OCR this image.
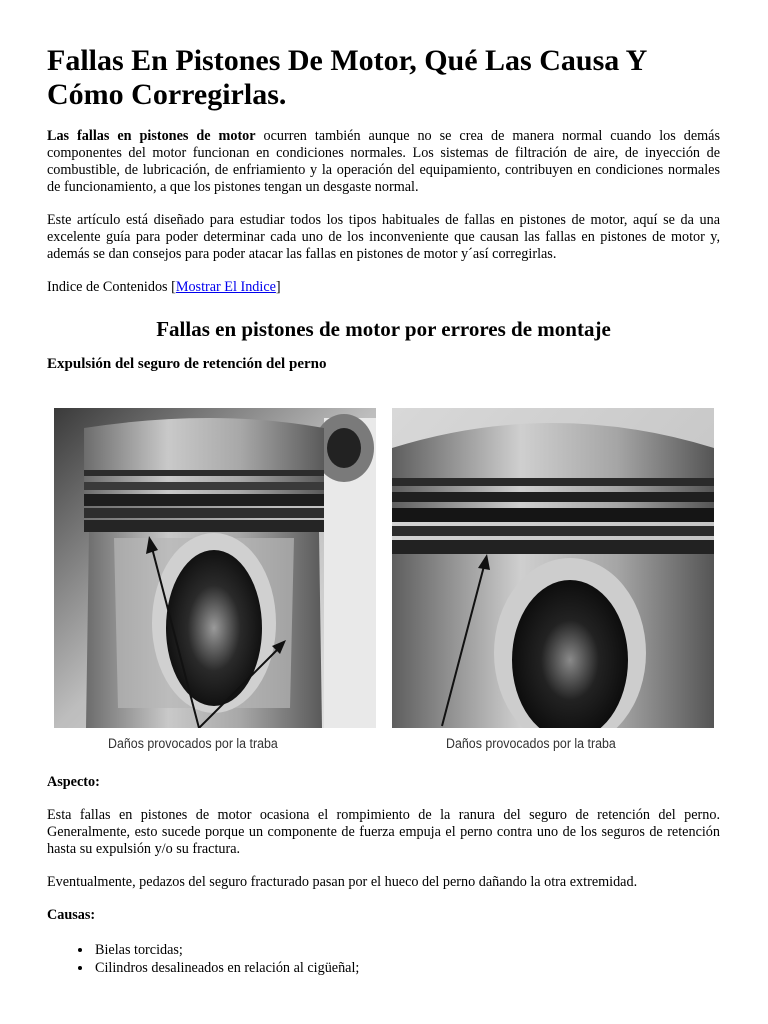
Fallas En Pistones De Motor, Qué Las Causa Y Cómo Corregirlas.

Las fallas en pistones de motor ocurren también aunque no se crea de manera normal cuando los demás componentes del motor funcionan en condiciones normales. Los sistemas de filtración de aire, de inyección de combustible, de lubricación, de enfriamiento y la operación del equipamiento, contribuyen en condiciones normales de funcionamiento, a que los pistones tengan un desgaste normal.

Este artículo está diseñado para estudiar todos los tipos habituales de fallas en pistones de motor, aquí se da una excelente guía para poder determinar cada uno de los inconveniente que causan las fallas en pistones de motor y, además se dan consejos para poder atacar las fallas en pistones de motor y´así corregirlas.

Indice de Contenidos [Mostrar El Indice]

Fallas en pistones de motor por errores de montaje
Expulsión del seguro de retención del perno
Daños provocados por la traba	Daños provocados por la traba
Aspecto:

Esta fallas en pistones de motor ocasiona el rompimiento de la ranura del seguro de retención del perno. Generalmente, esto sucede porque un componente de fuerza empuja el perno contra uno de los seguros de retención hasta su expulsión y/o su fractura.

Eventualmente, pedazos del seguro fracturado pasan por el hueco del perno dañando la otra extremidad.

Causas:
• Bielas torcidas;
• Cilindros desalineados en relación al cigüeñal;
